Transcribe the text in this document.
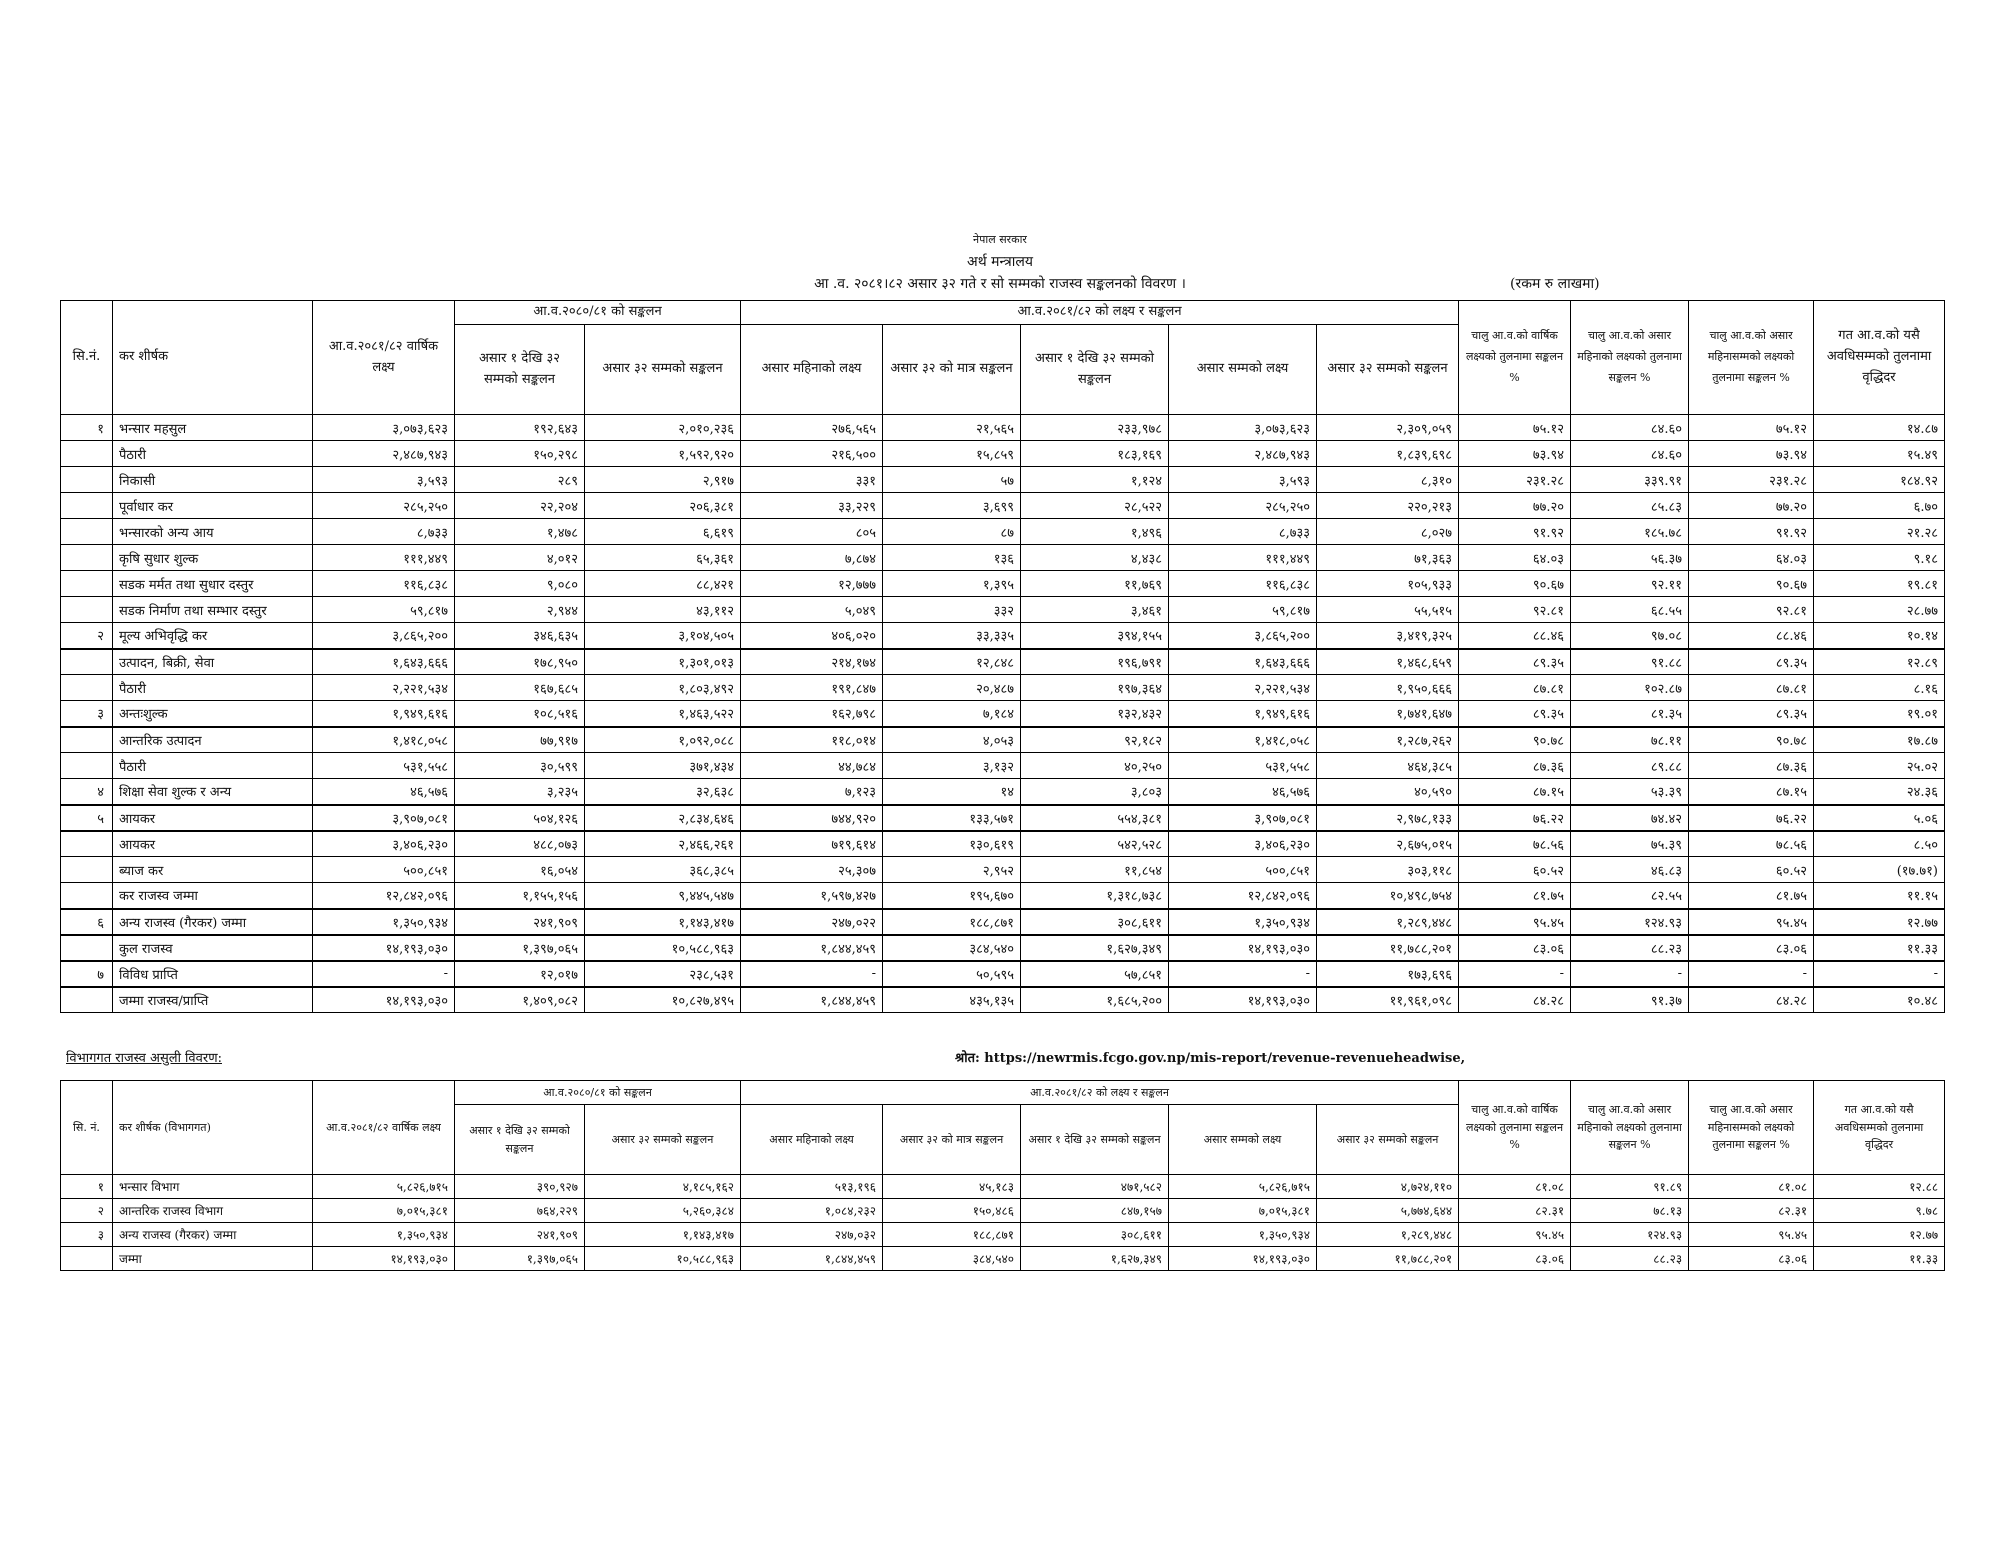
नेपाल सरकार
अर्थ मन्त्रालय
आ .व. २०८१।८२ असार ३२ गते र सो सम्मको राजस्व सङ्कलनको विवरण ।	(रकम रु लाखमा)
सि.नं.	कर शीर्षक	आ.व.२०८१/८२ वार्षिक लक्ष्य	आ.व.२०८०/८१ को सङ्कलन		आ.व.२०८१/८२ को लक्ष्य र सङ्कलन					चालु आ.व.को वार्षिक लक्ष्यको तुलनामा सङ्कलन %	चालु आ.व.को असार महिनाको लक्ष्यको तुलनामा सङ्कलन %	चालु आ.व.को असार महिनासम्मको लक्ष्यको तुलनामा सङ्कलन %	गत आ.व.को यसै अवधिसम्मको तुलनामा वृद्धिदर
			असार १ देखि ३२ सम्मको सङ्कलन	असार ३२ सम्मको सङ्कलन	असार महिनाको लक्ष्य	असार ३२ को मात्र सङ्कलन	असार १ देखि ३२ सम्मको सङ्कलन	असार सम्मको लक्ष्य	असार ३२ सम्मको सङ्कलन				
१	भन्सार महसुल	३,०७३,६२३	१९२,६४३	२,०१०,२३६	२७६,५६५	२१,५६५	२३३,९७८	३,०७३,६२३	२,३०९,०५९	७५.१२	८४.६०	७५.१२	१४.८७
	पैठारी	२,४८७,९४३	१५०,२९८	१,५९२,९२०	२१६,५००	१५,८५९	१८३,१६९	२,४८७,९४३	१,८३९,६९८	७३.९४	८४.६०	७३.९४	१५.४९
	निकासी	३,५९३	२८९	२,९१७	३३१	५७	१,१२४	३,५९३	८,३१०	२३१.२८	३३९.९१	२३१.२८	१८४.९२
	पूर्वाधार कर	२८५,२५०	२२,२०४	२०६,३८१	३३,२२९	३,६९९	२८,५२२	२८५,२५०	२२०,२१३	७७.२०	८५.८३	७७.२०	६.७०
	भन्सारको अन्य आय	८,७३३	१,४७८	६,६१९	८०५	८७	१,४९६	८,७३३	८,०२७	९१.९२	१८५.७८	९१.९२	२१.२८
	कृषि सुधार शुल्क	१११,४४९	४,०१२	६५,३६१	७,८७४	१३६	४,४३८	१११,४४९	७१,३६३	६४.०३	५६.३७	६४.०३	९.१८
	सडक मर्मत तथा सुधार दस्तुर	११६,८३८	९,०८०	८८,४२१	१२,७७७	१,३९५	११,७६९	११६,८३८	१०५,९३३	९०.६७	९२.११	९०.६७	१९.८१
	सडक निर्माण तथा सम्भार दस्तुर	५९,८१७	२,९४४	४३,११२	५,०४९	३३२	३,४६१	५९,८१७	५५,५१५	९२.८१	६८.५५	९२.८१	२८.७७
२	मूल्य अभिवृद्धि कर	३,८६५,२००	३४६,६३५	३,१०४,५०५	४०६,०२०	३३,३३५	३९४,१५५	३,८६५,२००	३,४१९,३२५	८८.४६	९७.०८	८८.४६	१०.१४
	उत्पादन, बिक्री, सेवा	१,६४३,६६६	१७८,९५०	१,३०१,०१३	२१४,१७४	१२,८४८	१९६,७९१	१,६४३,६६६	१,४६८,६५९	८९.३५	९१.८८	८९.३५	१२.८९
	पैठारी	२,२२१,५३४	१६७,६८५	१,८०३,४९२	१९१,८४७	२०,४८७	१९७,३६४	२,२२१,५३४	१,९५०,६६६	८७.८१	१०२.८७	८७.८१	८.१६
३	अन्तःशुल्क	१,९४९,६१६	१०८,५१६	१,४६३,५२२	१६२,७९८	७,१८४	१३२,४३२	१,९४९,६१६	१,७४१,६४७	८९.३५	८१.३५	८९.३५	१९.०१
	आन्तरिक उत्पादन	१,४१८,०५८	७७,९१७	१,०९२,०८८	११८,०१४	४,०५३	९२,१८२	१,४१८,०५८	१,२८७,२६२	९०.७८	७८.११	९०.७८	१७.८७
	पैठारी	५३१,५५८	३०,५९९	३७१,४३४	४४,७८४	३,१३२	४०,२५०	५३१,५५८	४६४,३८५	८७.३६	८९.८८	८७.३६	२५.०२
४	शिक्षा सेवा शुल्क र अन्य	४६,५७६	३,२३५	३२,६३८	७,१२३	१४	३,८०३	४६,५७६	४०,५९०	८७.१५	५३.३९	८७.१५	२४.३६
५	आयकर	३,९०७,०८१	५०४,१२६	२,८३४,६४६	७४४,९२०	१३३,५७१	५५४,३८१	३,९०७,०८१	२,९७८,१३३	७६.२२	७४.४२	७६.२२	५.०६
	आयकर	३,४०६,२३०	४८८,०७३	२,४६६,२६१	७१९,६१४	१३०,६१९	५४२,५२८	३,४०६,२३०	२,६७५,०१५	७८.५६	७५.३९	७८.५६	८.५०
	ब्याज कर	५००,८५१	१६,०५४	३६८,३८५	२५,३०७	२,९५२	११,८५४	५००,८५१	३०३,११८	६०.५२	४६.८३	६०.५२	(१७.७१)
	कर राजस्व जम्मा	१२,८४२,०९६	१,१५५,१५६	९,४४५,५४७	१,५९७,४२७	१९५,६७०	१,३१८,७३८	१२,८४२,०९६	१०,४९८,७५४	८१.७५	८२.५५	८१.७५	११.१५
६	अन्य राजस्व (गैरकर) जम्मा	१,३५०,९३४	२४१,९०९	१,१४३,४१७	२४७,०२२	१८८,८७१	३०८,६११	१,३५०,९३४	१,२८९,४४८	९५.४५	१२४.९३	९५.४५	१२.७७
	कुल राजस्व	१४,१९३,०३०	१,३९७,०६५	१०,५८८,९६३	१,८४४,४५९	३८४,५४०	१,६२७,३४९	१४,१९३,०३०	११,७८८,२०१	८३.०६	८८.२३	८३.०६	११.३३
७	विविध प्राप्ति	-	१२,०१७	२३८,५३१	-	५०,५९५	५७,८५१	-	१७३,६९६	-	-	-	-
	जम्मा राजस्व/प्राप्ति	१४,१९३,०३०	१,४०९,०८२	१०,८२७,४९५	१,८४४,४५९	४३५,१३५	१,६८५,२००	१४,१९३,०३०	११,९६१,०९८	८४.२८	९१.३७	८४.२८	१०.४८
विभागगत राजस्व असुली विवरण:	श्रोत: https://newrmis.fcgo.gov.np/mis-report/revenue-revenueheadwise,
सि. नं.	कर शीर्षक (विभागगत)	आ.व.२०८१/८२ वार्षिक लक्ष्य	आ.व.२०८०/८१ को सङ्कलन		आ.व.२०८१/८२ को लक्ष्य र सङ्कलन					चालु आ.व.को वार्षिक लक्ष्यको तुलनामा सङ्कलन %	चालु आ.व.को असार महिनाको लक्ष्यको तुलनामा सङ्कलन %	चालु आ.व.को असार महिनासम्मको लक्ष्यको तुलनामा सङ्कलन %	गत आ.व.को यसै अवधिसम्मको तुलनामा वृद्धिदर
			असार १ देखि ३२ सम्मको सङ्कलन	असार ३२ सम्मको सङ्कलन	असार महिनाको लक्ष्य	असार ३२ को मात्र सङ्कलन	असार १ देखि ३२ सम्मको सङ्कलन	असार सम्मको लक्ष्य	असार ३२ सम्मको सङ्कलन				
१	भन्सार विभाग	५,८२६,७१५	३९०,९२७	४,१८५,१६२	५१३,१९६	४५,१८३	४७१,५८२	५,८२६,७१५	४,७२४,११०	८१.०८	९१.८९	८१.०८	१२.८८
२	आन्तरिक राजस्व विभाग	७,०१५,३८१	७६४,२२९	५,२६०,३८४	१,०८४,२३२	१५०,४८६	८४७,१५७	७,०१५,३८१	५,७७४,६४४	८२.३१	७८.१३	८२.३१	९.७८
३	अन्य राजस्व (गैरकर) जम्मा	१,३५०,९३४	२४१,९०९	१,१४३,४१७	२४७,०३२	१८८,८७१	३०८,६११	१,३५०,९३४	१,२८९,४४८	९५.४५	१२४.९३	९५.४५	१२.७७
	जम्मा	१४,१९३,०३०	१,३९७,०६५	१०,५८८,९६३	१,८४४,४५९	३८४,५४०	१,६२७,३४९	१४,१९३,०३०	११,७८८,२०१	८३.०६	८८.२३	८३.०६	११.३३
